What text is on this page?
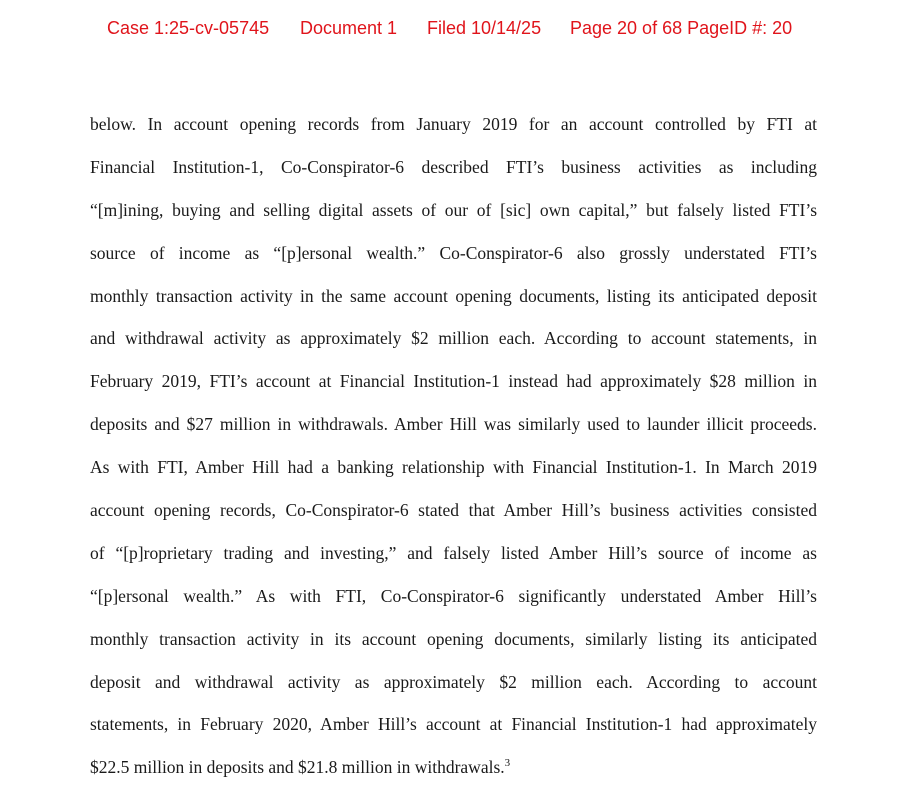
Case 1:25-cv-05745 Document 1 Filed 10/14/25 Page 20 of 68 PageID #: 20
below. In account opening records from January 2019 for an account controlled by FTI at
Financial Institution-1, Co-Conspirator-6 described FTI’s business activities as including
“[m]ining, buying and selling digital assets of our of [sic] own capital,” but falsely listed FTI’s
source of income as “[p]ersonal wealth.” Co-Conspirator-6 also grossly understated FTI’s
monthly transaction activity in the same account opening documents, listing its anticipated deposit
and withdrawal activity as approximately $2 million each. According to account statements, in
February 2019, FTI’s account at Financial Institution-1 instead had approximately $28 million in
deposits and $27 million in withdrawals. Amber Hill was similarly used to launder illicit proceeds.
As with FTI, Amber Hill had a banking relationship with Financial Institution-1. In March 2019
account opening records, Co-Conspirator-6 stated that Amber Hill’s business activities consisted
of “[p]roprietary trading and investing,” and falsely listed Amber Hill’s source of income as
“[p]ersonal wealth.” As with FTI, Co-Conspirator-6 significantly understated Amber Hill’s
monthly transaction activity in its account opening documents, similarly listing its anticipated
deposit and withdrawal activity as approximately $2 million each. According to account
statements, in February 2020, Amber Hill’s account at Financial Institution-1 had approximately
$22.5 million in deposits and $21.8 million in withdrawals.$^3$
